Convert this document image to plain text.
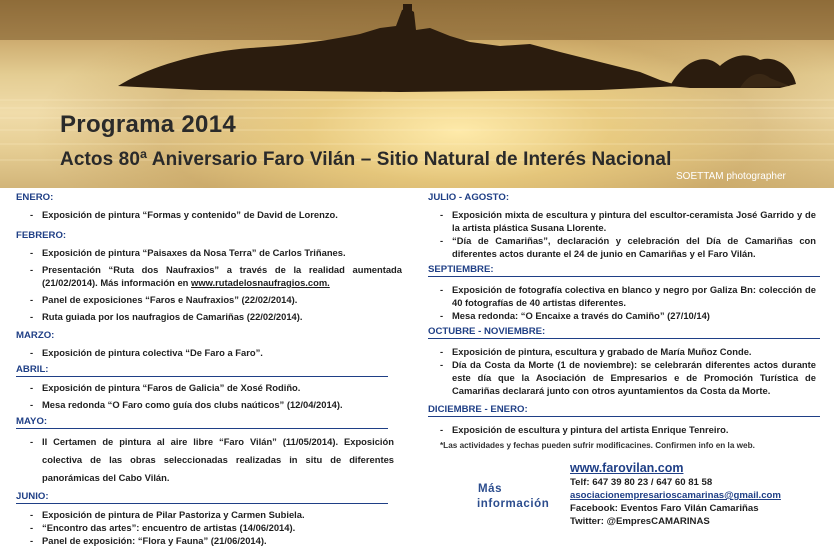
Programa 2014
Actos 80ª Aniversario Faro Vilán – Sitio Natural de Interés Nacional
SOETTAM photographer
ENERO:
- Exposición de pintura “Formas y contenido” de David de Lorenzo.
FEBRERO:
- Exposición de pintura “Paisaxes da Nosa Terra” de Carlos Triñanes.
- Presentación “Ruta dos Naufraxios” a través de la realidad aumentada (21/02/2014). Más información en www.rutadelosnaufragios.com.
- Panel de exposiciones “Faros e Naufraxios” (22/02/2014).
- Ruta guiada por los naufragios de Camariñas (22/02/2014).
MARZO:
- Exposición de pintura colectiva “De Faro a Faro”.
ABRIL:
- Exposición de pintura “Faros de Galicia” de Xosé Rodiño.
- Mesa redonda “O Faro como guía dos clubs naúticos” (12/04/2014).
MAYO:
- II Certamen de pintura al aire libre “Faro Vilán” (11/05/2014). Exposición colectiva de las obras seleccionadas realizadas in situ de diferentes panorámicas del Cabo Vilán.
JUNIO:
- Exposición de pintura de Pilar Pastoriza y Carmen Subiela.
- “Encontro das artes”: encuentro de artistas (14/06/2014).
- Panel de exposición: “Flora y Fauna” (21/06/2014).
JULIO - AGOSTO:
- Exposición mixta de escultura y pintura del escultor-ceramista José Garrido y de la artista plástica Susana Llorente.
- “Día de Camariñas”, declaración y celebración del Día de Camariñas con diferentes actos durante el 24 de junio en Camariñas y el Faro Vilán.
SEPTIEMBRE:
- Exposición de fotografía colectiva en blanco y negro por Galiza Bn: colección de 40 fotografías de 40 artistas diferentes.
- Mesa redonda: “O Encaixe a través do Camiño” (27/10/14)
OCTUBRE - NOVIEMBRE:
- Exposición de pintura, escultura y grabado de María Muñoz Conde.
- Día da Costa da Morte (1 de noviembre): se celebrarán diferentes actos durante este día que la Asociación de Empresarios e de Promoción Turística de Camariñas declarará junto con otros ayuntamientos da Costa da Morte.
DICIEMBRE - ENERO:
- Exposición de escultura y pintura del artista Enrique Tenreiro.
*Las actividades y fechas pueden sufrir modificacines. Confirmen info en la web.
Más
información
www.farovilan.com
Telf: 647 39 80 23 / 647 60 81 58
asociacionempresarioscamarinas@gmail.com
Facebook: Eventos Faro Vilán Camariñas
Twitter: @EmpresCAMARINAS
